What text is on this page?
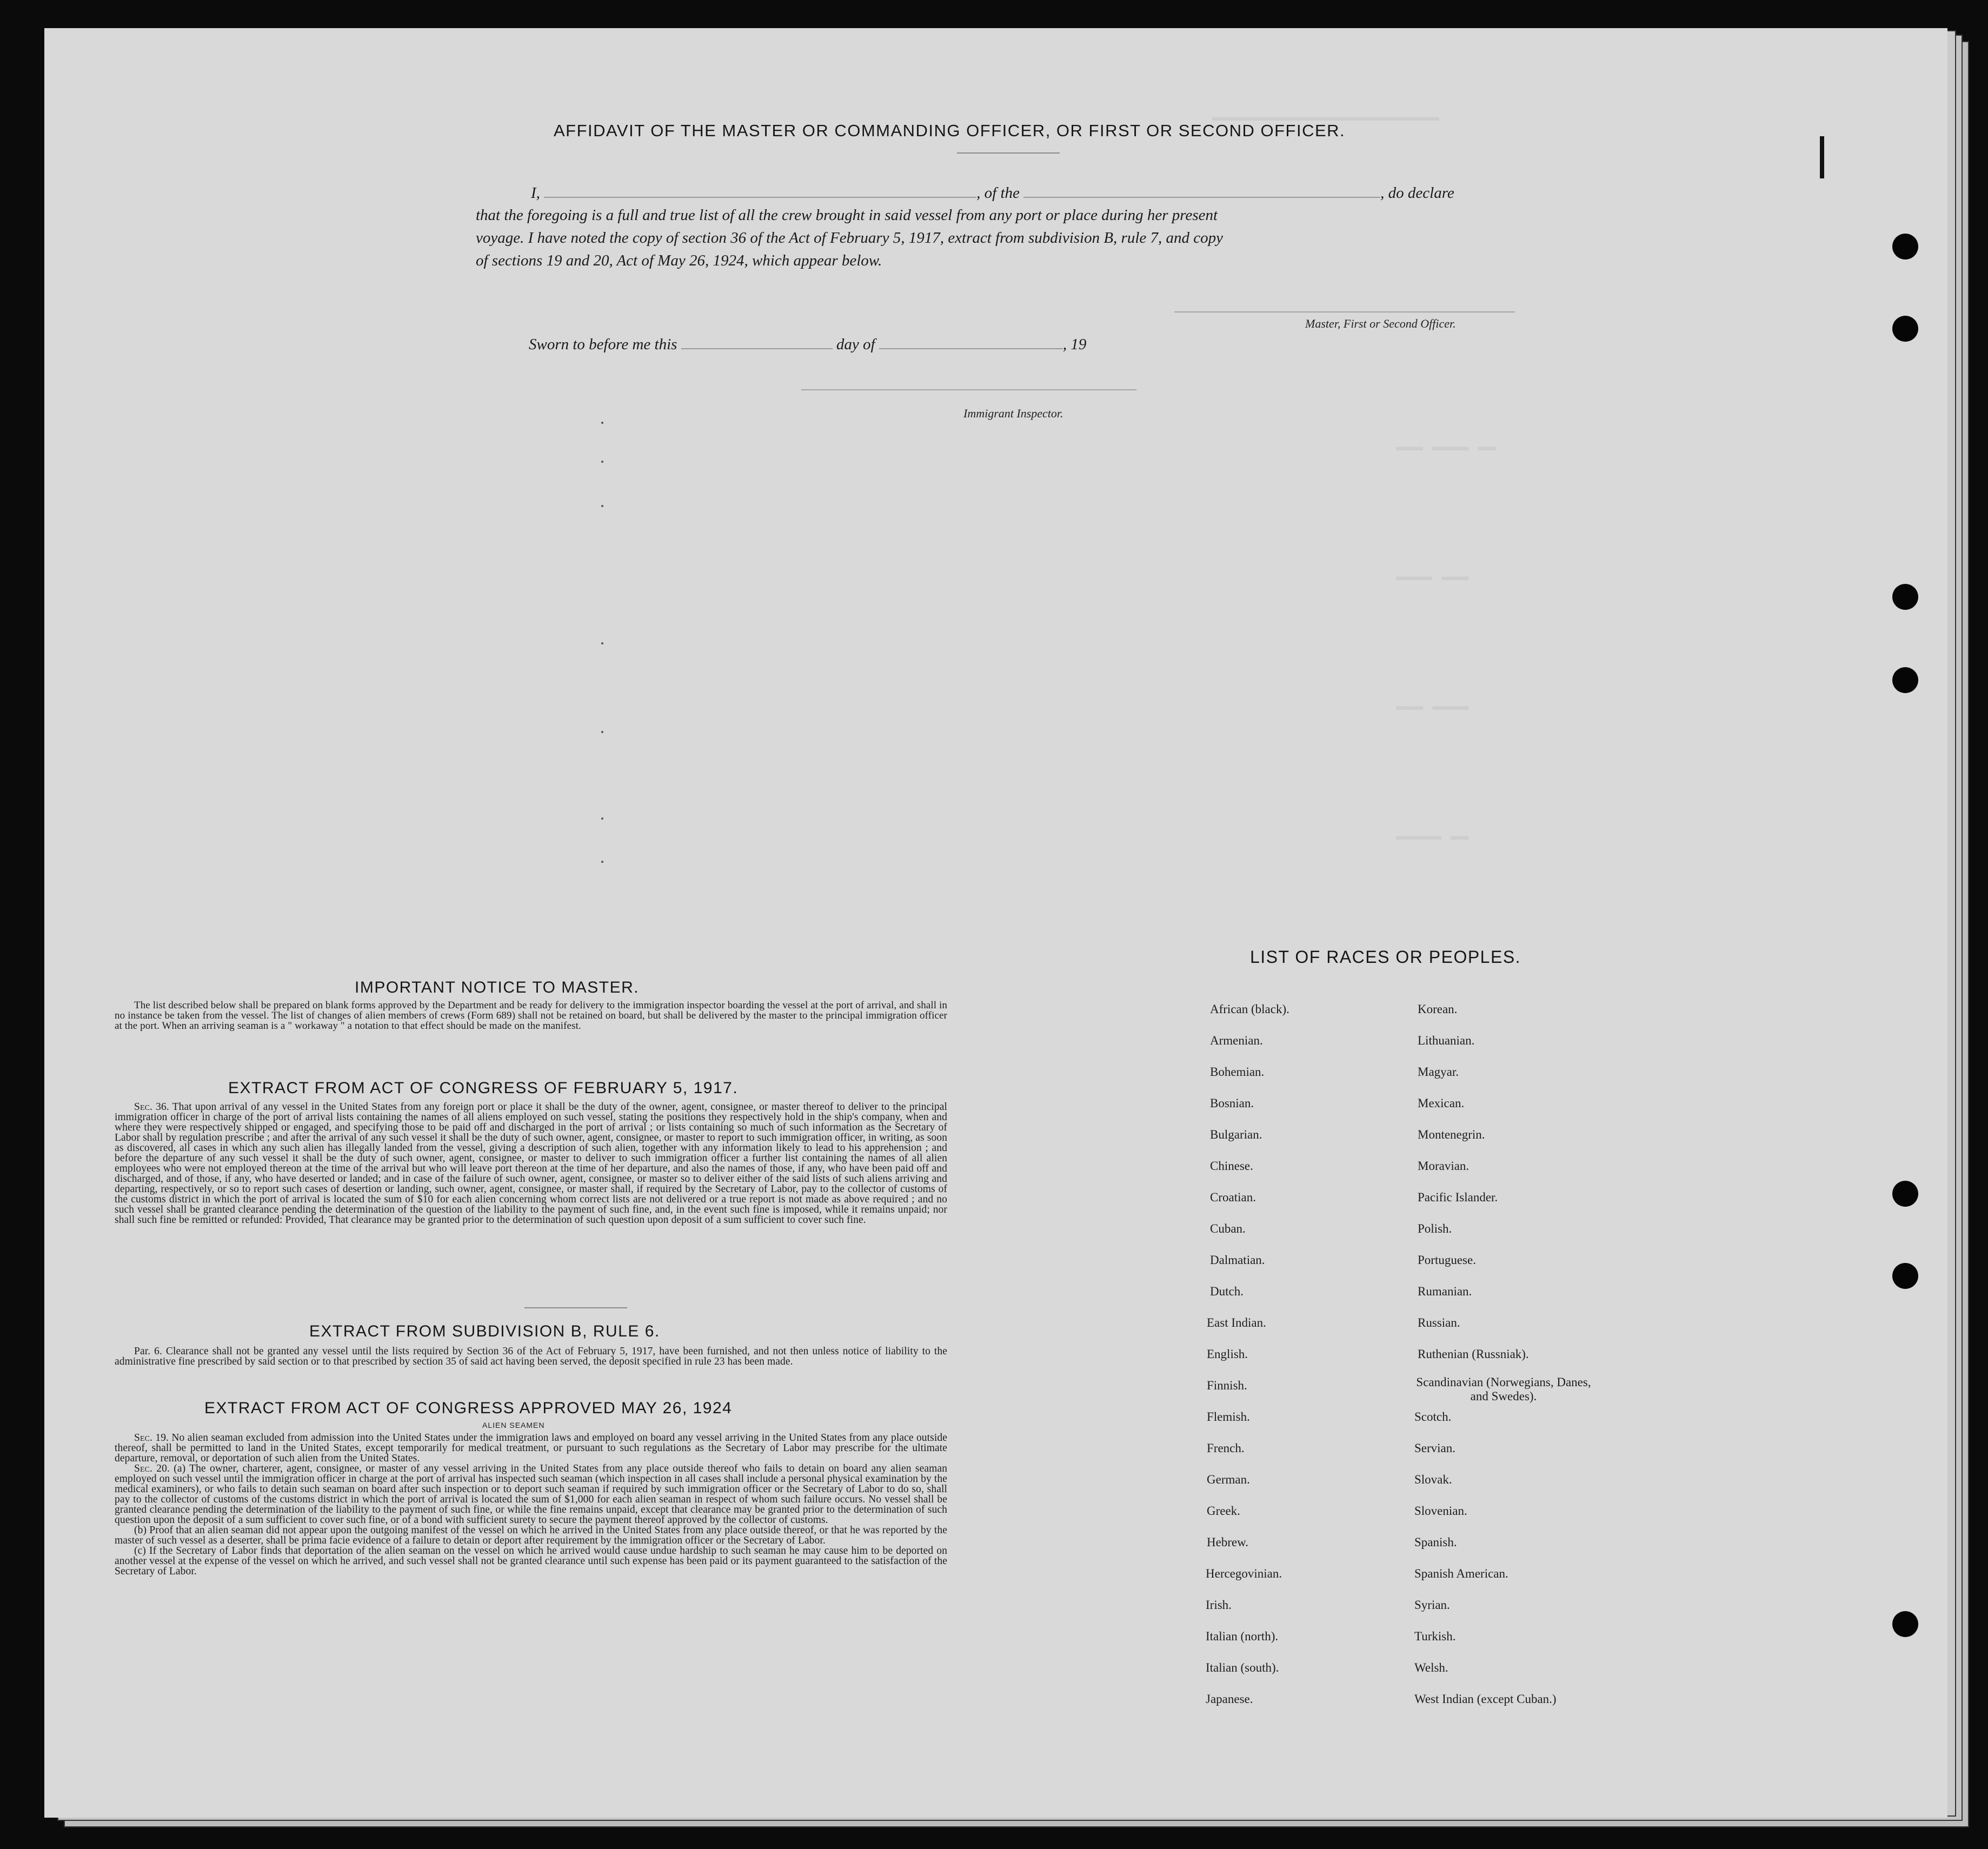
▬▬▬▬▬▬▬▬▬▬▬▬▬▬▬▬▬▬▬▬▬▬▬▬▬
▬▬▬ ▬▬▬▬ ▬▬
▬▬▬▬ ▬▬▬
▬▬▬ ▬▬▬▬
▬▬▬▬▬ ▬▬
AFFIDAVIT OF THE MASTER OR COMMANDING OFFICER, OR FIRST OR SECOND OFFICER.
I,	, of the	, do declare
that the foregoing is a full and true list of all the crew brought in said vessel from any port or place during her present
voyage. I have noted the copy of section 36 of the Act of February 5, 1917, extract from subdivision B, rule 7, and copy
of sections 19 and 20, Act of May 26, 1924, which appear below.
Master, First or Second Officer.
Sworn to before me this	day of	, 19
Immigrant Inspector.
IMPORTANT NOTICE TO MASTER.

The list described below shall be prepared on blank forms approved by the Department and be ready for delivery to the immigration inspector boarding the vessel at the port of arrival, and shall in no instance be taken from the vessel. The list of changes of alien members of crews (Form 689) shall not be retained on board, but shall be delivered by the master to the principal immigration officer at the port. When an arriving seaman is a " workaway " a notation to that effect should be made on the manifest.

EXTRACT FROM ACT OF CONGRESS OF FEBRUARY 5, 1917.

Sec. 36. That upon arrival of any vessel in the United States from any foreign port or place it shall be the duty of the owner, agent, consignee, or master thereof to deliver to the principal immigration officer in charge of the port of arrival lists containing the names of all aliens employed on such vessel, stating the positions they respectively hold in the ship's company, when and where they were respectively shipped or engaged, and specifying those to be paid off and discharged in the port of arrival ; or lists containing so much of such information as the Secretary of Labor shall by regulation prescribe ; and after the arrival of any such vessel it shall be the duty of such owner, agent, consignee, or master to report to such immigration officer, in writing, as soon as discovered, all cases in which any such alien has illegally landed from the vessel, giving a description of such alien, together with any information likely to lead to his apprehension ; and before the departure of any such vessel it shall be the duty of such owner, agent, consignee, or master to deliver to such immigration officer a further list containing the names of all alien employees who were not employed thereon at the time of the arrival but who will leave port thereon at the time of her departure, and also the names of those, if any, who have been paid off and discharged, and of those, if any, who have deserted or landed; and in case of the failure of such owner, agent, consignee, or master so to deliver either of the said lists of such aliens arriving and departing, respectively, or so to report such cases of desertion or landing, such owner, agent, consignee, or master shall, if required by the Secretary of Labor, pay to the collector of customs of the customs district in which the port of arrival is located the sum of $10 for each alien concerning whom correct lists are not delivered or a true report is not made as above required ; and no such vessel shall be granted clearance pending the determination of the question of the liability to the payment of such fine, and, in the event such fine is imposed, while it remains unpaid; nor shall such fine be remitted or refunded: Provided, That clearance may be granted prior to the determination of such question upon deposit of a sum sufficient to cover such fine.

EXTRACT FROM SUBDIVISION B, RULE 6.

Par. 6. Clearance shall not be granted any vessel until the lists required by Section 36 of the Act of February 5, 1917, have been furnished, and not then unless notice of liability to the administrative fine prescribed by said section or to that prescribed by section 35 of said act having been served, the deposit specified in rule 23 has been made.

EXTRACT FROM ACT OF CONGRESS APPROVED MAY 26, 1924
ALIEN SEAMEN

Sec. 19. No alien seaman excluded from admission into the United States under the immigration laws and employed on board any vessel arriving in the United States from any place outside thereof, shall be permitted to land in the United States, except temporarily for medical treatment, or pursuant to such regulations as the Secretary of Labor may prescribe for the ultimate departure, removal, or deportation of such alien from the United States.

Sec. 20. (a) The owner, charterer, agent, consignee, or master of any vessel arriving in the United States from any place outside thereof who fails to detain on board any alien seaman employed on such vessel until the immigration officer in charge at the port of arrival has inspected such seaman (which inspection in all cases shall include a personal physical examination by the medical examiners), or who fails to detain such seaman on board after such inspection or to deport such seaman if required by such immigration officer or the Secretary of Labor to do so, shall pay to the collector of customs of the customs district in which the port of arrival is located the sum of $1,000 for each alien seaman in respect of whom such failure occurs. No vessel shall be granted clearance pending the determination of the liability to the payment of such fine, or while the fine remains unpaid, except that clearance may be granted prior to the determination of such question upon the deposit of a sum sufficient to cover such fine, or of a bond with sufficient surety to secure the payment thereof approved by the collector of customs.

(b) Proof that an alien seaman did not appear upon the outgoing manifest of the vessel on which he arrived in the United States from any place outside thereof, or that he was reported by the master of such vessel as a deserter, shall be prima facie evidence of a failure to detain or deport after requirement by the immigration officer or the Secretary of Labor.

(c) If the Secretary of Labor finds that deportation of the alien seaman on the vessel on which he arrived would cause undue hardship to such seaman he may cause him to be deported on another vessel at the expense of the vessel on which he arrived, and such vessel shall not be granted clearance until such expense has been paid or its payment guaranteed to the satisfaction of the Secretary of Labor.

LIST OF RACES OR PEOPLES.
African (black).
Armenian.
Bohemian.
Bosnian.
Bulgarian.
Chinese.
Croatian.
Cuban.
Dalmatian.
Dutch.
East Indian.
English.
Finnish.
Flemish.
French.
German.
Greek.
Hebrew.
Hercegovinian.
Irish.
Italian (north).
Italian (south).
Japanese.
Korean.
Lithuanian.
Magyar.
Mexican.
Montenegrin.
Moravian.
Pacific Islander.
Polish.
Portuguese.
Rumanian.
Russian.
Ruthenian (Russniak).
Scandinavian (Norwegians, Danes, and Swedes).
Scotch.
Servian.
Slovak.
Slovenian.
Spanish.
Spanish American.
Syrian.
Turkish.
Welsh.
West Indian (except Cuban.)
